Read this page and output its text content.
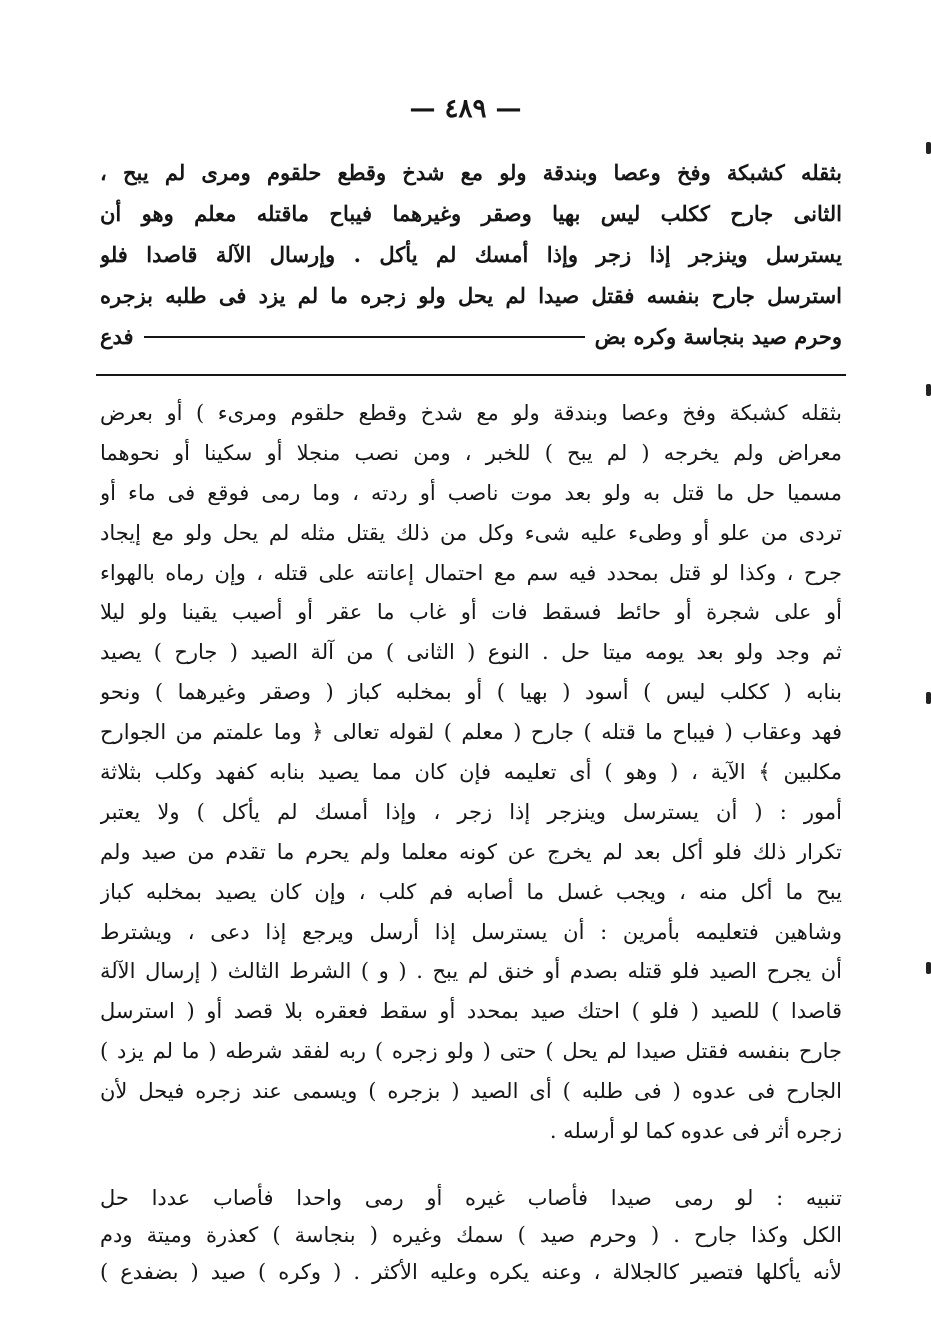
— ٤٨٩ —
بثقله كشبكة وفخ وعصا وبندقة ولو مع شدخ وقطع حلقوم ومرى لم يبح ،
الثانى جارح ككلب ليس بهيا وصقر وغيرهما فيباح ماقتله معلم وهو أن
يسترسل وينزجر إذا زجر وإذا أمسك لم يأكل . وإرسال الآلة قاصدا فلو
استرسل جارح بنفسه فقتل صيدا لم يحل ولو زجره ما لم يزد فى طلبه بزجره
وحرم صيد بنجاسة وكره بض
فدع
بثقله كشبكة وفخ وعصا وبندقة ولو مع شدخ وقطع حلقوم ومرىء ) أو بعرض
معراض ولم يخرجه ( لم يبح ) للخبر ، ومن نصب منجلا أو سكينا أو نحوهما
مسميا حل ما قتل به ولو بعد موت ناصب أو ردته ، وما رمى فوقع فى ماء أو
تردى من علو أو وطىء عليه شىء وكل من ذلك يقتل مثله لم يحل ولو مع إيجاد
جرح ، وكذا لو قتل بمحدد فيه سم مع احتمال إعانته على قتله ، وإن رماه بالهواء
أو على شجرة أو حائط فسقط فات أو غاب ما عقر أو أصيب يقينا ولو ليلا
ثم وجد ولو بعد يومه ميتا حل . النوع ( الثانى ) من آلة الصيد ( جارح ) يصيد
بنابه ( ككلب ليس ) أسود ( بهيا ) أو بمخلبه كباز ( وصقر وغيرهما ) ونحو
فهد وعقاب ( فيباح ما قتله ) جارح ( معلم ) لقوله تعالى ﴿ وما علمتم من الجوارح
مكلبين ﴾ الآية ، ( وهو ) أى تعليمه فإن كان مما يصيد بنابه كفهد وكلب بثلاثة
أمور : ( أن يسترسل وينزجر إذا زجر ، وإذا أمسك لم يأكل ) ولا يعتبر
تكرار ذلك فلو أكل بعد لم يخرج عن كونه معلما ولم يحرم ما تقدم من صيد ولم
يبح ما أكل منه ، ويجب غسل ما أصابه فم كلب ، وإن كان يصيد بمخلبه كباز
وشاهين فتعليمه بأمرين : أن يسترسل إذا أرسل ويرجع إذا دعى ، ويشترط
أن يجرح الصيد فلو قتله بصدم أو خنق لم يبح . ( و ) الشرط الثالث ( إرسال الآلة
قاصدا ) للصيد ( فلو ) احتك صيد بمحدد أو سقط فعقره بلا قصد أو ( استرسل
جارح بنفسه فقتل صيدا لم يحل ) حتى ( ولو زجره ) ربه لفقد شرطه ( ما لم يزد )
الجارح فى عدوه ( فى طلبه ) أى الصيد ( بزجره ) ويسمى عند زجره فيحل لأن
زجره أثر فى عدوه كما لو أرسله .
تنبيه : لو رمى صيدا فأصاب غيره أو رمى واحدا فأصاب عددا حل
الكل وكذا جارح . ( وحرم صيد ) سمك وغيره ( بنجاسة ) كعذرة وميتة ودم
لأنه يأكلها فتصير كالجلالة ، وعنه يكره وعليه الأكثر . ( وكره ) صيد ( بضفدع )
